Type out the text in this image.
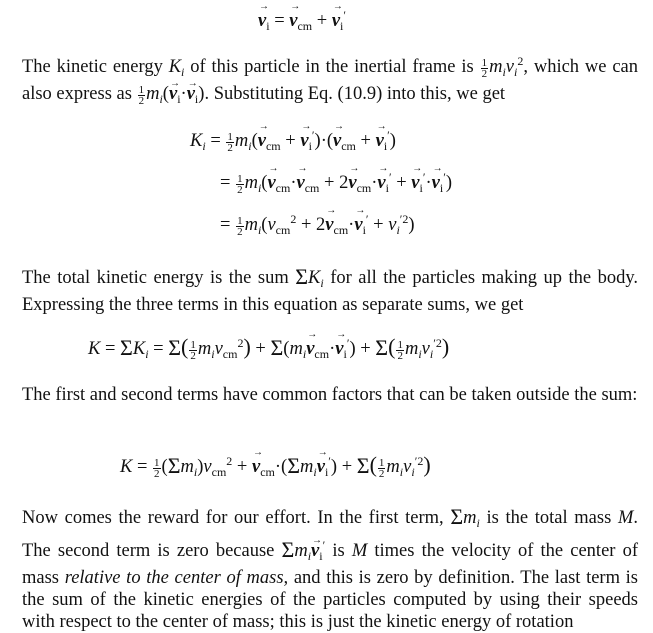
→ $v_i$ = → $v_{cm}$ + → $v_i'$

The kinetic energy $K_i$ of this particle in the inertial frame is $\frac{1}{2} m_iv_i^2$, which we can also express as $\frac{1}{2} m_i(\to v_i\cdot\to v_i)$. Substituting Eq. (10.9) into this, we get

$K_i = \frac{1}{2} m_i(\to v_{cm}$ + → $v_i')\cdot(\to v_{cm}$ + → $v_i'$)
= $\frac{1}{2} m_i(\to v_{cm}\cdot\to v_{cm} + 2\to v_{cm}\cdot\to v_i'$ + → $v_i'\cdot\to v_i'$)
= $\frac{1}{2} m_i(v_{cm}^2 + 2\to v_{cm}\cdot\to v_i' + v_i^{'2})$

The total kinetic energy is the sum $\Sigma K_i$ for all the particles making up the body. Expressing the three terms in this equation as separate sums, we get

$K = \Sigma K_i = \Sigma( \frac{1}{2} m_iv_{cm}^2) + \Sigma(m_i\to v_{cm}\cdot\to v_i') + \Sigma( \frac{1}{2} m_iv_i^{'2})$

The first and second terms have common factors that can be taken outside the sum:

$K = \frac{1}{2} (\Sigma m_i)v_{cm}^2$ + → $v_{cm}\cdot(\Sigma m_i\to v_i') + \Sigma( \frac{1}{2} m_iv_i^{'2})$

Now comes the reward for our effort. In the first term, $\Sigma m_i$ is the total mass M. The second term is zero because $\Sigma m_i\to v_i'$ is M times the velocity of the center of mass relative to the center of mass, and this is zero by definition. The last term is the sum of the kinetic energies of the particles computed by using their speeds with respect to the center of mass; this is just the kinetic energy of rotation
